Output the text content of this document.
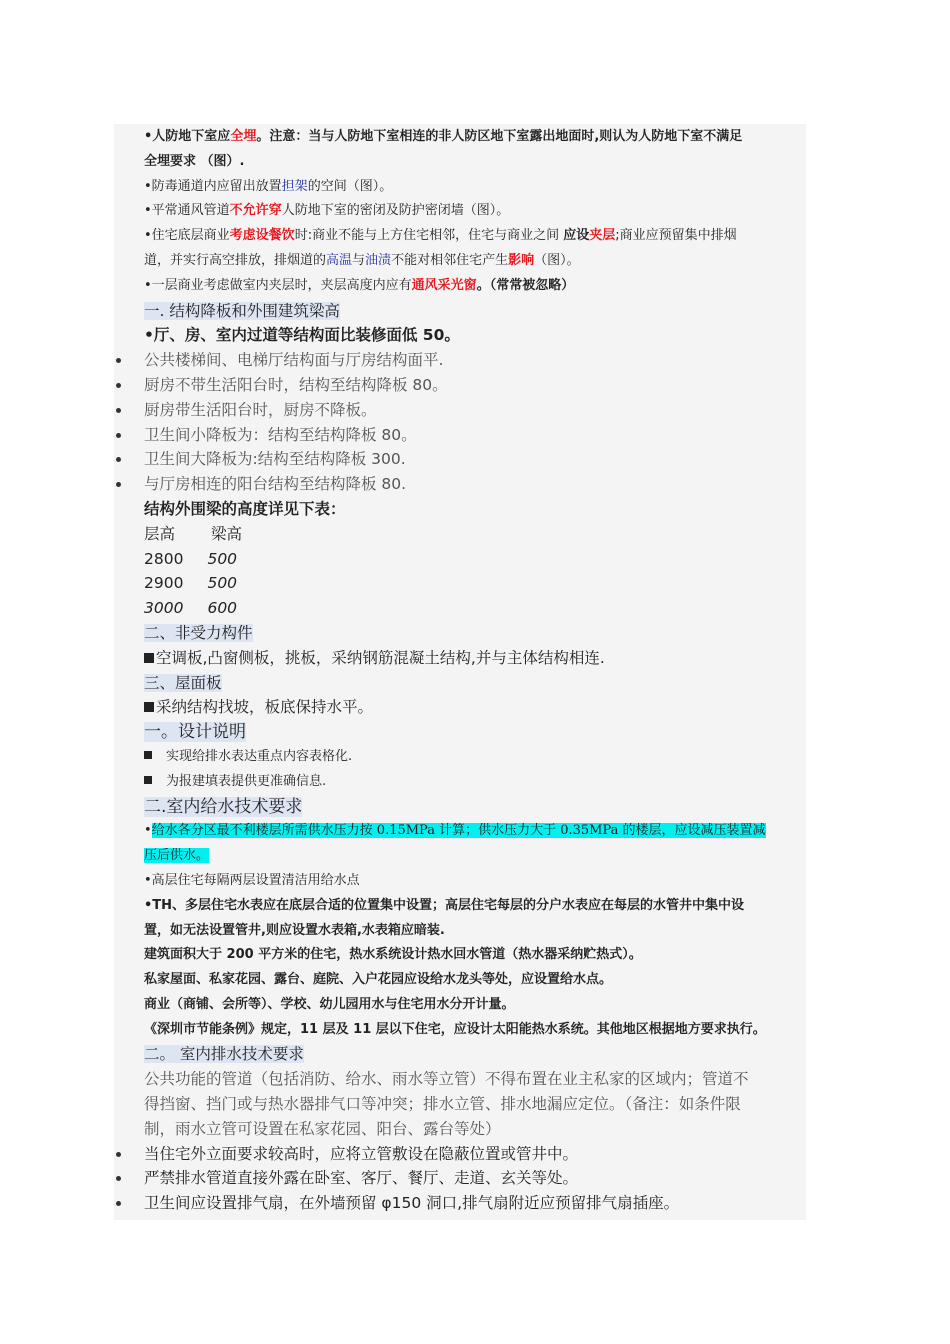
•人防地下室应全埋。注意：当与人防地下室相连的非人防区地下室露出地面时,则认为人防地下室不满足
全埋要求 （图）.
•防毒通道内应留出放置担架的空间（图）。
•平常通风管道不允许穿人防地下室的密闭及防护密闭墙（图）。
•住宅底层商业考虑设餐饮时:商业不能与上方住宅相邻，住宅与商业之间 应设夹层;商业应预留集中排烟
道，并实行高空排放，排烟道的高温与油渍不能对相邻住宅产生影响（图）。
•一层商业考虑做室内夹层时，夹层高度内应有通风采光窗。（常常被忽略）
一. 结构降板和外围建筑梁高
•厅、房、室内过道等结构面比装修面低 50。
公共楼梯间、电梯厅结构面与厅房结构面平.
厨房不带生活阳台时，结构至结构降板 80。
厨房带生活阳台时，厨房不降板。
卫生间小降板为：结构至结构降板 80。
卫生间大降板为:结构至结构降板 300.
与厅房相连的阳台结构至结构降板 80.
结构外围梁的高度详见下表：
层高 梁高
2800 500
2900 500
3000 600
二、非受力构件
空调板,凸窗侧板，挑板，采纳钢筋混凝土结构,并与主体结构相连.
三、屋面板
采纳结构找坡，板底保持水平。
一。设计说明
实现给排水表达重点内容表格化.
为报建填表提供更准确信息.
二.室内给水技术要求
•给水各分区最不利楼层所需供水压力按 0.15MPa 计算；供水压力大于 0.35MPa 的楼层，应设减压装置减
压后供水。
•高层住宅每隔两层设置清洁用给水点
•TH、多层住宅水表应在底层合适的位置集中设置；高层住宅每层的分户水表应在每层的水管井中集中设
置，如无法设置管井,则应设置水表箱,水表箱应暗装.
建筑面积大于 200 平方米的住宅，热水系统设计热水回水管道（热水器采纳贮热式）。
私家屋面、私家花园、露台、庭院、入户花园应设给水龙头等处，应设置给水点。
商业（商铺、会所等）、学校、幼儿园用水与住宅用水分开计量。
《深圳市节能条例》规定，11 层及 11 层以下住宅，应设计太阳能热水系统。其他地区根据地方要求执行。
二。 室内排水技术要求
公共功能的管道（包括消防、给水、雨水等立管）不得布置在业主私家的区域内；管道不
得挡窗、挡门或与热水器排气口等冲突；排水立管、排水地漏应定位。（备注：如条件限
制，雨水立管可设置在私家花园、阳台、露台等处）
当住宅外立面要求较高时，应将立管敷设在隐蔽位置或管井中。
严禁排水管道直接外露在卧室、客厅、餐厅、走道、玄关等处。
卫生间应设置排气扇，在外墙预留 φ150 洞口,排气扇附近应预留排气扇插座。
